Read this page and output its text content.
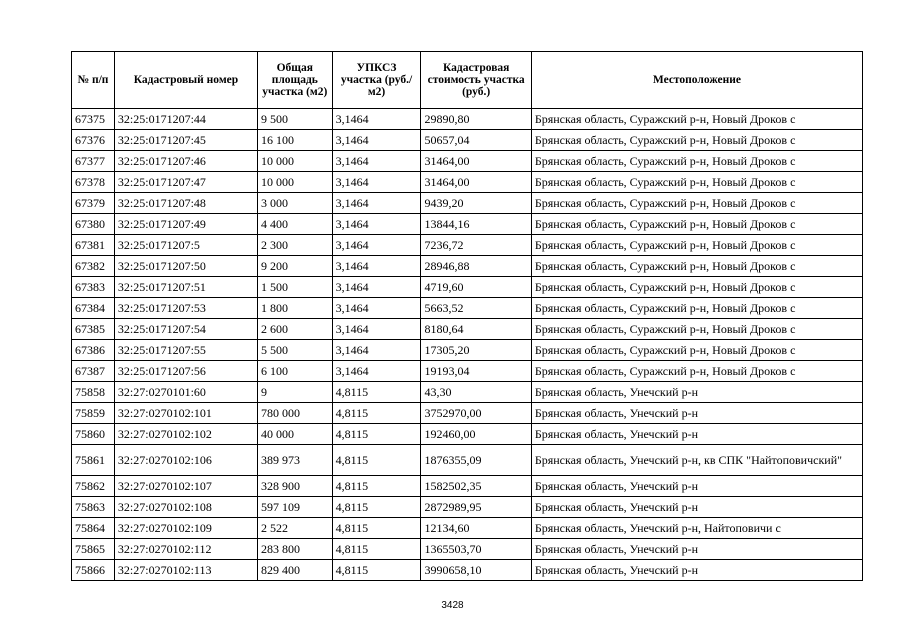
№ п/п	Кадастровый номер	Общая площадь участка (м2)	УПКСЗ участка (руб./м2)	Кадастровая стоимость участка (руб.)	Местоположение
67375	32:25:0171207:44	9 500	3,1464	29890,80	Брянская область, Суражский р-н, Новый Дроков с
67376	32:25:0171207:45	16 100	3,1464	50657,04	Брянская область, Суражский р-н, Новый Дроков с
67377	32:25:0171207:46	10 000	3,1464	31464,00	Брянская область, Суражский р-н, Новый Дроков с
67378	32:25:0171207:47	10 000	3,1464	31464,00	Брянская область, Суражский р-н, Новый Дроков с
67379	32:25:0171207:48	3 000	3,1464	9439,20	Брянская область, Суражский р-н, Новый Дроков с
67380	32:25:0171207:49	4 400	3,1464	13844,16	Брянская область, Суражский р-н, Новый Дроков с
67381	32:25:0171207:5	2 300	3,1464	7236,72	Брянская область, Суражский р-н, Новый Дроков с
67382	32:25:0171207:50	9 200	3,1464	28946,88	Брянская область, Суражский р-н, Новый Дроков с
67383	32:25:0171207:51	1 500	3,1464	4719,60	Брянская область, Суражский р-н, Новый Дроков с
67384	32:25:0171207:53	1 800	3,1464	5663,52	Брянская область, Суражский р-н, Новый Дроков с
67385	32:25:0171207:54	2 600	3,1464	8180,64	Брянская область, Суражский р-н, Новый Дроков с
67386	32:25:0171207:55	5 500	3,1464	17305,20	Брянская область, Суражский р-н, Новый Дроков с
67387	32:25:0171207:56	6 100	3,1464	19193,04	Брянская область, Суражский р-н, Новый Дроков с
75858	32:27:0270101:60	9	4,8115	43,30	Брянская область, Унечский р-н
75859	32:27:0270102:101	780 000	4,8115	3752970,00	Брянская область, Унечский р-н
75860	32:27:0270102:102	40 000	4,8115	192460,00	Брянская область, Унечский р-н
75861	32:27:0270102:106	389 973	4,8115	1876355,09	Брянская область, Унечский р-н, кв СПК "Найтоповичский"
75862	32:27:0270102:107	328 900	4,8115	1582502,35	Брянская область, Унечский р-н
75863	32:27:0270102:108	597 109	4,8115	2872989,95	Брянская область, Унечский р-н
75864	32:27:0270102:109	2 522	4,8115	12134,60	Брянская область, Унечский р-н, Найтоповичи с
75865	32:27:0270102:112	283 800	4,8115	1365503,70	Брянская область, Унечский р-н
75866	32:27:0270102:113	829 400	4,8115	3990658,10	Брянская область, Унечский р-н
3428
